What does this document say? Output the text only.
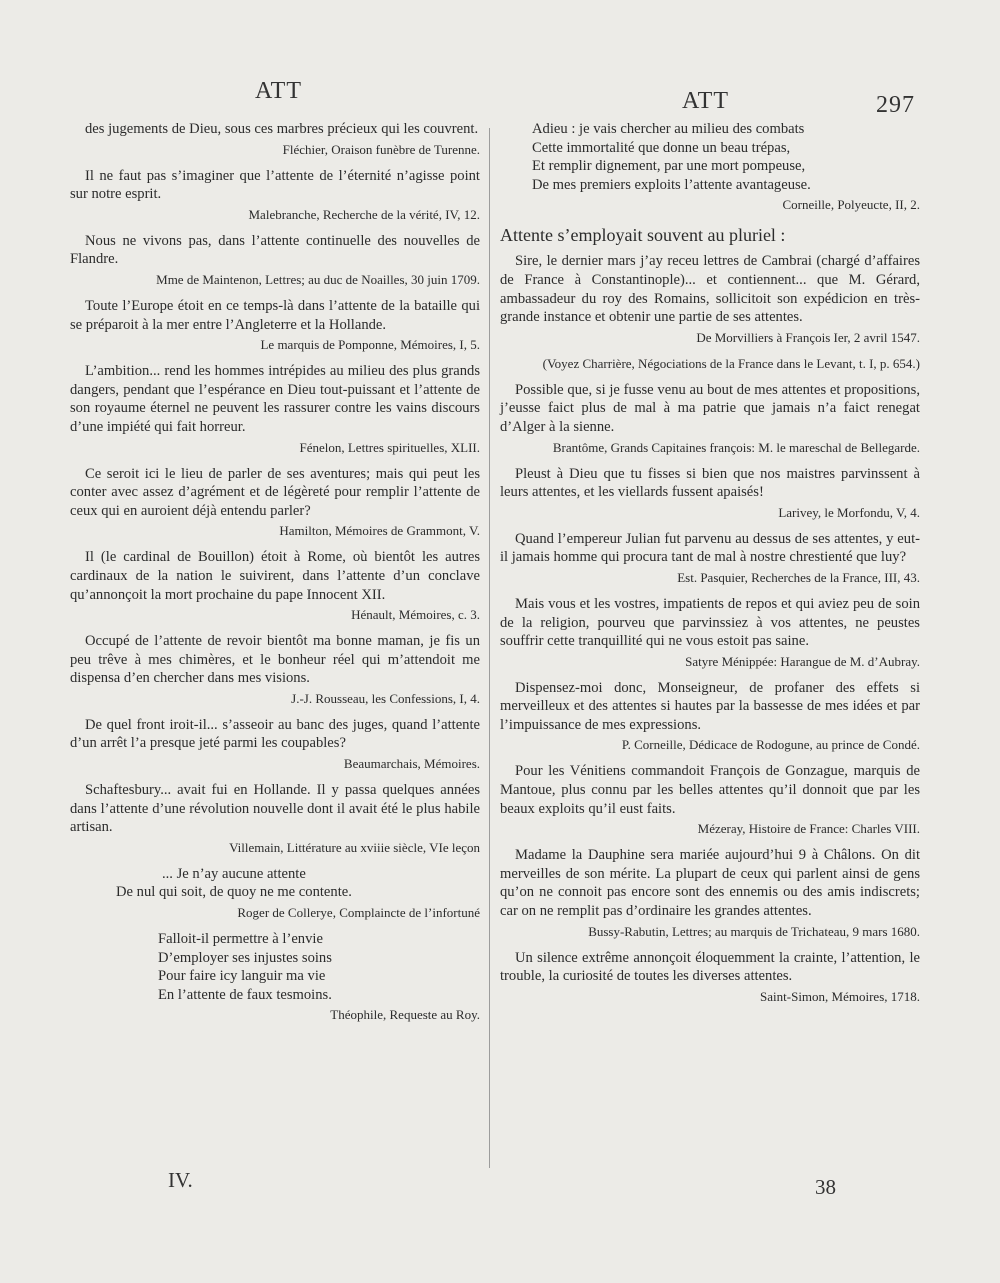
ATT	ATT	297
des jugements de Dieu, sous ces marbres précieux qui les couvrent.
Fléchier, Oraison funèbre de Turenne.
Il ne faut pas s’imaginer que l’attente de l’éternité n’agisse point sur notre esprit.
Malebranche, Recherche de la vérité, IV, 12.
Nous ne vivons pas, dans l’attente continuelle des nouvelles de Flandre.
Mme de Maintenon, Lettres; au duc de Noailles, 30 juin 1709.
Toute l’Europe étoit en ce temps-là dans l’attente de la bataille qui se préparoit à la mer entre l’Angleterre et la Hollande.
Le marquis de Pomponne, Mémoires, I, 5.
L’ambition... rend les hommes intrépides au milieu des plus grands dangers, pendant que l’espérance en Dieu tout-puissant et l’attente de son royaume éternel ne peuvent les rassurer contre les vains discours d’une impiété qui fait horreur.
Fénelon, Lettres spirituelles, XLII.
Ce seroit ici le lieu de parler de ses aventures; mais qui peut les conter avec assez d’agrément et de légèreté pour remplir l’attente de ceux qui en auroient déjà entendu parler?
Hamilton, Mémoires de Grammont, V.
Il (le cardinal de Bouillon) étoit à Rome, où bientôt les autres cardinaux de la nation le suivirent, dans l’attente d’un conclave qu’annonçoit la mort prochaine du pape Innocent XII.
Hénault, Mémoires, c. 3.
Occupé de l’attente de revoir bientôt ma bonne maman, je fis un peu trêve à mes chimères, et le bonheur réel qui m’attendoit me dispensa d’en chercher dans mes visions.
J.-J. Rousseau, les Confessions, I, 4.
De quel front iroit-il... s’asseoir au banc des juges, quand l’attente d’un arrêt l’a presque jeté parmi les coupables?
Beaumarchais, Mémoires.
Schaftesbury... avait fui en Hollande. Il y passa quelques années dans l’attente d’une révolution nouvelle dont il avait été le plus habile artisan.
Villemain, Littérature au xviiie siècle, VIe leçon
... Je n’ay aucune attente
De nul qui soit, de quoy ne me contente.
Roger de Collerye, Complaincte de l’infortuné
Falloit-il permettre à l’envie
D’employer ses injustes soins
Pour faire icy languir ma vie
En l’attente de faux tesmoins.
Théophile, Requeste au Roy.
Adieu : je vais chercher au milieu des combats
Cette immortalité que donne un beau trépas,
Et remplir dignement, par une mort pompeuse,
De mes premiers exploits l’attente avantageuse.
Corneille, Polyeucte, II, 2.
Attente s’employait souvent au pluriel :
Sire, le dernier mars j’ay receu lettres de Cambrai (chargé d’affaires de France à Constantinople)... et contiennent... que M. Gérard, ambassadeur du roy des Romains, sollicitoit son expédicion en très-grande instance et obtenir une partie de ses attentes.
De Morvilliers à François Ier, 2 avril 1547.
(Voyez Charrière, Négociations de la France dans le Levant, t. I, p. 654.)
Possible que, si je fusse venu au bout de mes attentes et propositions, j’eusse faict plus de mal à ma patrie que jamais n’a faict renegat d’Alger à la sienne.
Brantôme, Grands Capitaines françois: M. le mareschal de Bellegarde.
Pleust à Dieu que tu fisses si bien que nos maistres parvinssent à leurs attentes, et les viellards fussent apaisés!
Larivey, le Morfondu, V, 4.
Quand l’empereur Julian fut parvenu au dessus de ses attentes, y eut-il jamais homme qui procura tant de mal à nostre chrestienté que luy?
Est. Pasquier, Recherches de la France, III, 43.
Mais vous et les vostres, impatients de repos et qui aviez peu de soin de la religion, pourveu que parvinssiez à vos attentes, ne peustes souffrir cette tranquillité qui ne vous estoit pas saine.
Satyre Ménippée: Harangue de M. d’Aubray.
Dispensez-moi donc, Monseigneur, de profaner des effets si merveilleux et des attentes si hautes par la bassesse de mes idées et par l’impuissance de mes expressions.
P. Corneille, Dédicace de Rodogune, au prince de Condé.
Pour les Vénitiens commandoit François de Gonzague, marquis de Mantoue, plus connu par les belles attentes qu’il donnoit que par les beaux exploits qu’il eust faits.
Mézeray, Histoire de France: Charles VIII.
Madame la Dauphine sera mariée aujourd’hui 9 à Châlons. On dit merveilles de son mérite. La plupart de ceux qui parlent ainsi de gens qu’on ne connoit pas encore sont des ennemis ou des amis indiscrets; car on ne remplit pas d’ordinaire les grandes attentes.
Bussy-Rabutin, Lettres; au marquis de Trichateau, 9 mars 1680.
Un silence extrême annonçoit éloquemment la crainte, l’attention, le trouble, la curiosité de toutes les diverses attentes.
Saint-Simon, Mémoires, 1718.
IV.	38
